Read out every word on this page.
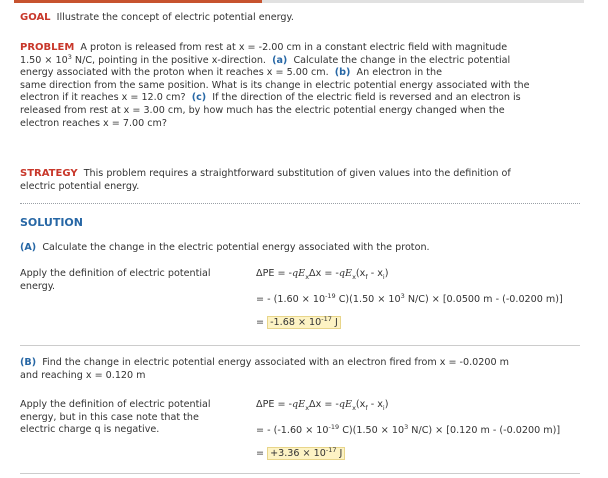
GOAL Illustrate the concept of electric potential energy.
PROBLEM A proton is released from rest at x = -2.00 cm in a constant electric field with magnitude
$1.50 \times 10^3$ N/C, pointing in the positive x-direction. (a) Calculate the change in the electric potential
energy associated with the proton when it reaches x = 5.00 cm. (b) An electron in the
same direction from the same position. What is its change in electric potential energy associated with the
electron if it reaches x = 12.0 cm? (c) If the direction of the electric field is reversed and an electron is
released from rest at x = 3.00 cm, by how much has the electric potential energy changed when the
electron reaches x = 7.00 cm?
STRATEGY This problem requires a straightforward substitution of given values into the definition of
electric potential energy.
SOLUTION
(A) Calculate the change in the electric potential energy associated with the proton.
Apply the definition of electric potential
energy.
$\Delta PE = -qE_x\Delta x = -qE_x(x_f - x_i)$
= - ($1.60 \times 10^{-19}$ $C)(1.50 \times 10^3$ N/C) × [0.0500 m - (-0.0200 m)]
= $-1.68 \times 10^{-17}$ J
(B) Find the change in electric potential energy associated with an electron fired from x = -0.0200 m
and reaching x = 0.120 m
Apply the definition of electric potential
energy, but in this case note that the
electric charge q is negative.
$\Delta PE = -qE_x\Delta x = -qE_x(x_f - x_i)$
= - ($-1.60 \times 10^{-19}$ $C)(1.50 \times 10^3$ N/C) × [0.120 m - (-0.0200 m)]
= $+3.36 \times 10^{-17}$ J
